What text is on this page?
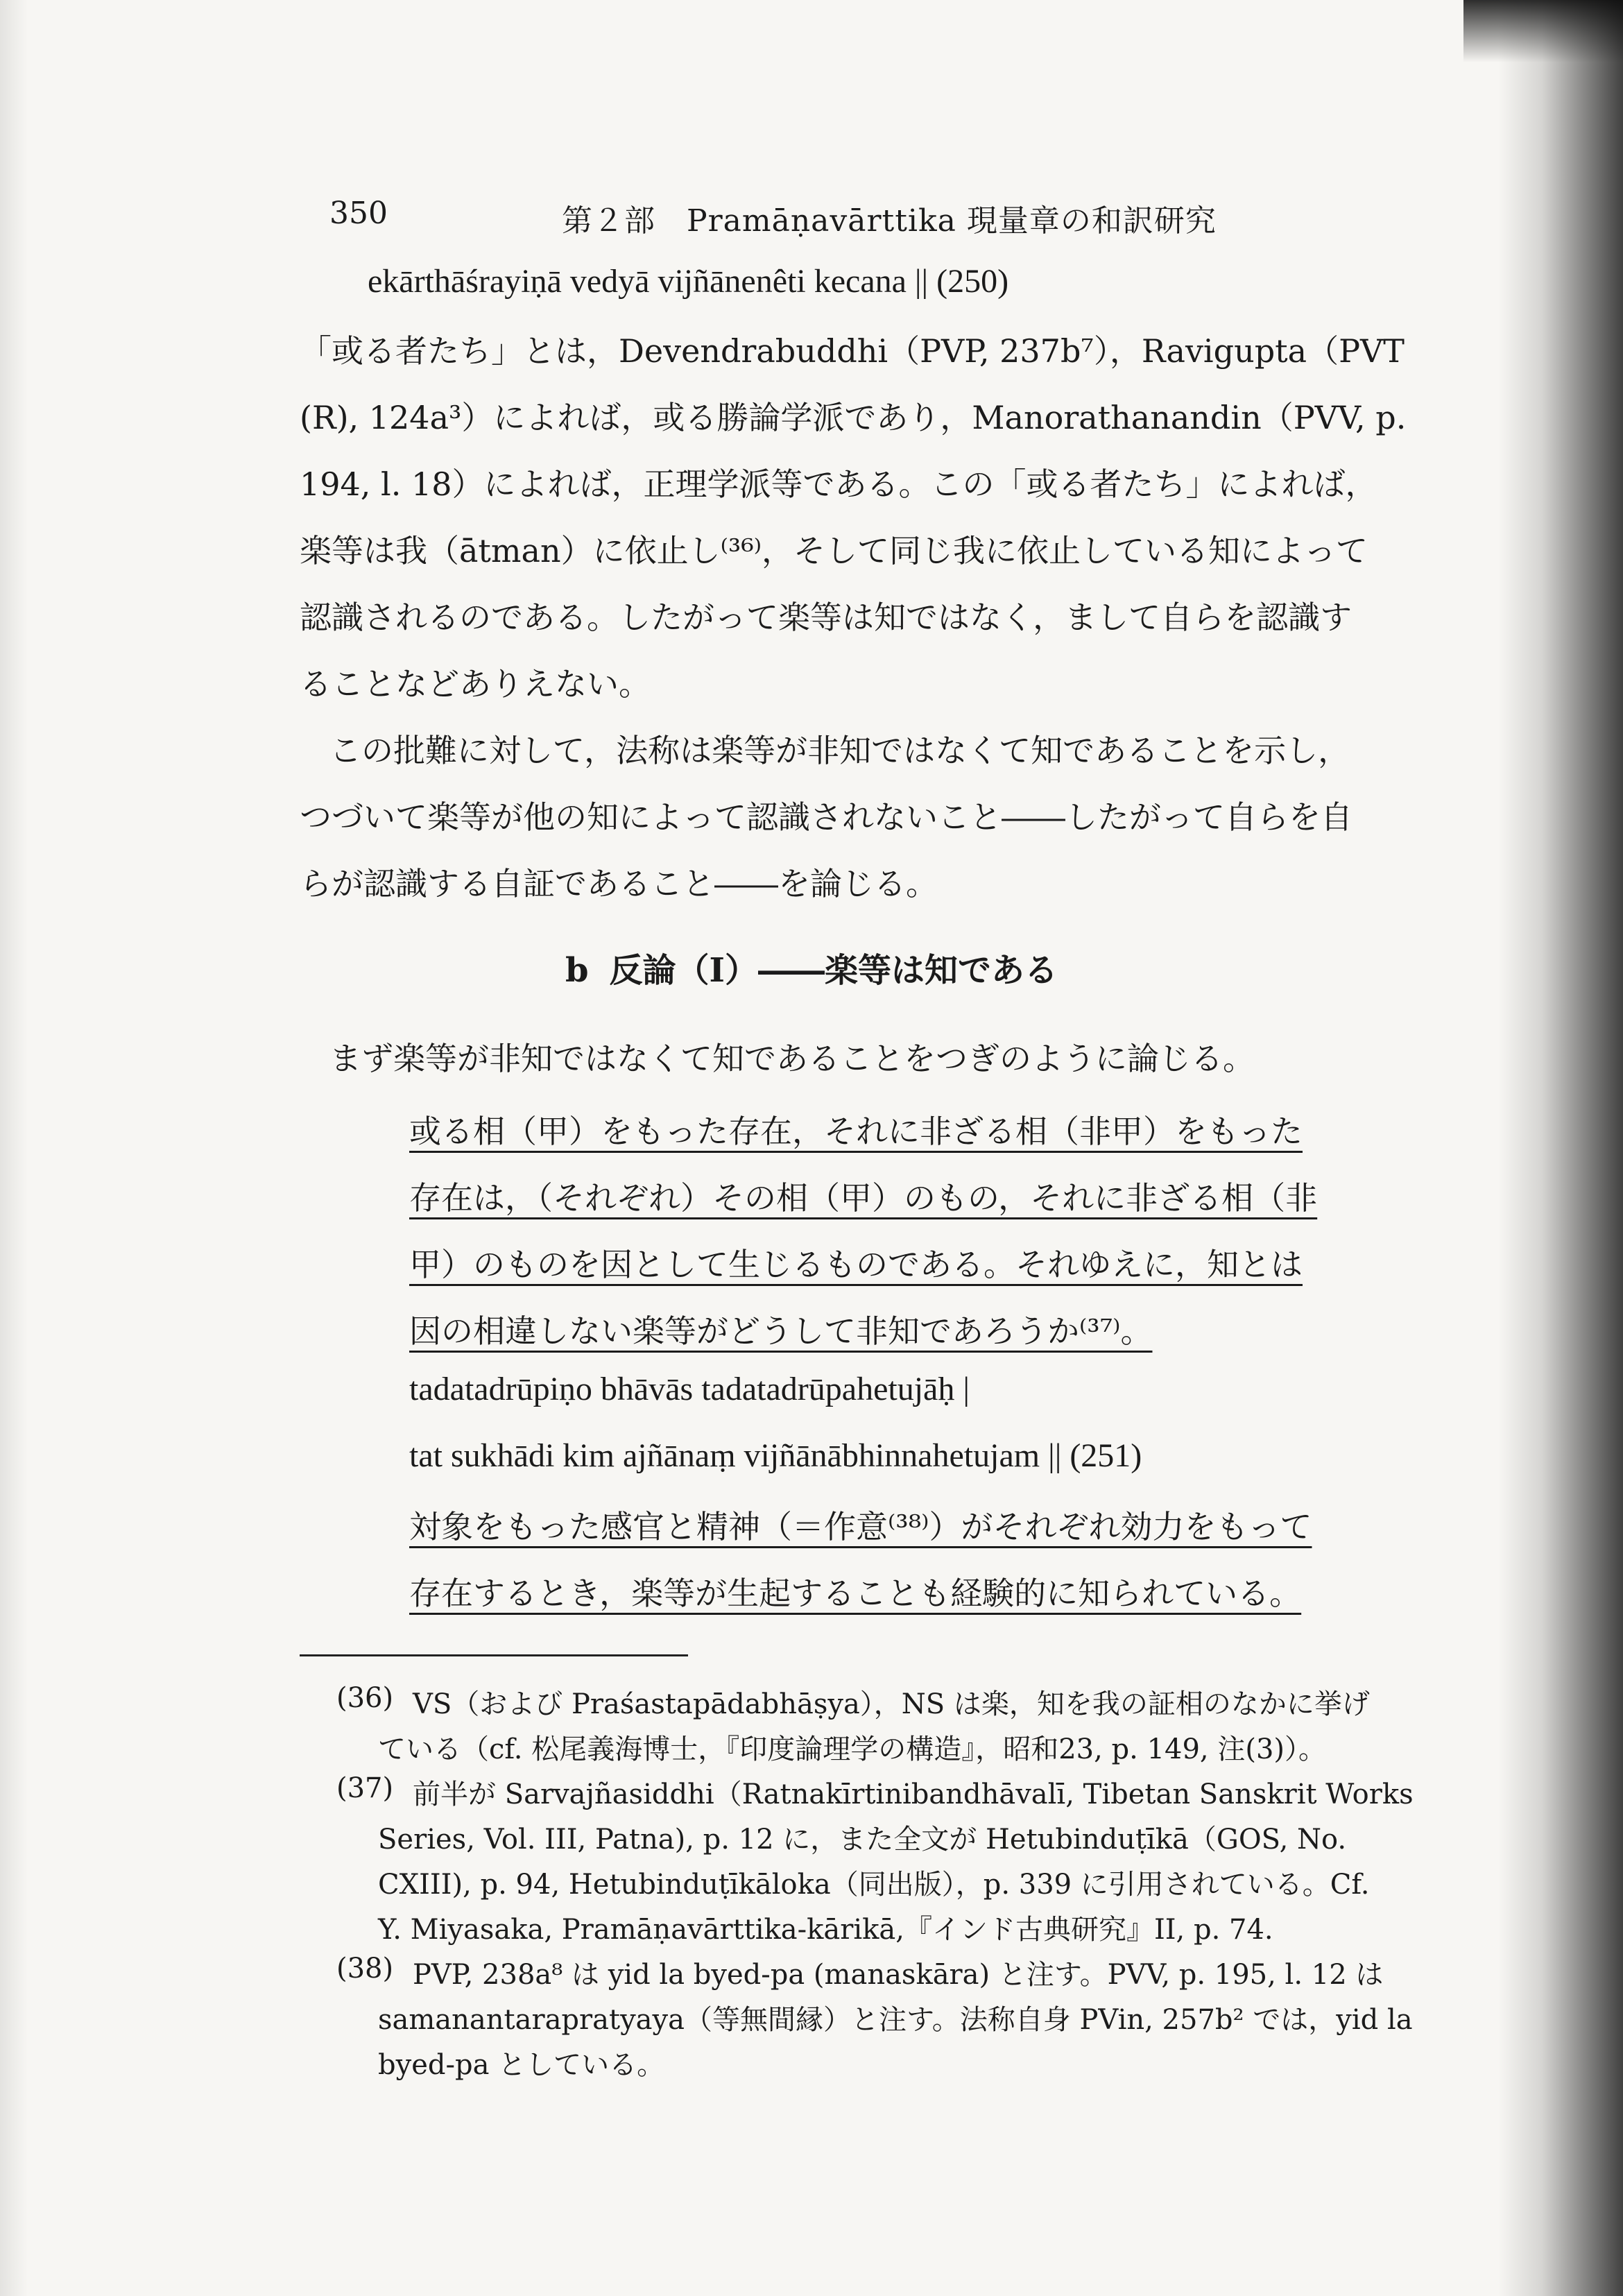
350	第２部　Pramāṇavārttika 現量章の和訳研究
ekārthāśrayiṇā vedyā vijñānenêti kecana || (250)
「或る者たち」とは，Devendrabuddhi（PVP, 237b⁷），Ravigupta（PVT
(R), 124a³）によれば，或る勝論学派であり，Manorathanandin（PVV, p.
194, l. 18）によれば，正理学派等である。この「或る者たち」によれば，
楽等は我（ātman）に依止し⁽³⁶⁾，そして同じ我に依止している知によって
認識されるのである。したがって楽等は知ではなく，まして自らを認識す
ることなどありえない。
この批難に対して，法称は楽等が非知ではなくて知であることを示し，
つづいて楽等が他の知によって認識されないこと――したがって自らを自
らが認識する自証であること――を論じる。
b 反論（I）――楽等は知である
まず楽等が非知ではなくて知であることをつぎのように論じる。
或る相（甲）をもった存在，それに非ざる相（非甲）をもった
存在は，（それぞれ）その相（甲）のもの，それに非ざる相（非
甲）のものを因として生じるものである。それゆえに，知とは
因の相違しない楽等がどうして非知であろうか⁽³⁷⁾。
tadatadrūpiṇo bhāvās tadatadrūpahetujāḥ |
tat sukhādi kim ajñānaṃ vijñānābhinnahetujam || (251)
対象をもった感官と精神（＝作意⁽³⁸⁾）がそれぞれ効力をもって
存在するとき，楽等が生起することも経験的に知られている。
(36) VS（および Praśastapādabhāṣya），NS は楽，知を我の証相のなかに挙げ
ている（cf. 松尾義海博士，『印度論理学の構造』，昭和23, p. 149, 注(3)）。
(37) 前半が Sarvajñasiddhi（Ratnakīrtinibandhāvalī, Tibetan Sanskrit Works
Series, Vol. III, Patna), p. 12 に，また全文が Hetubinduṭīkā（GOS, No.
CXIII), p. 94, Hetubinduṭīkāloka（同出版），p. 339 に引用されている。Cf.
Y. Miyasaka, Pramāṇavārttika-kārikā,『インド古典研究』II, p. 74.
(38) PVP, 238a⁸ は yid la byed-pa (manaskāra) と注す。PVV, p. 195, l. 12 は
samanantarapratyaya（等無間縁）と注す。法称自身 PVin, 257b² では，yid la
byed-pa としている。
